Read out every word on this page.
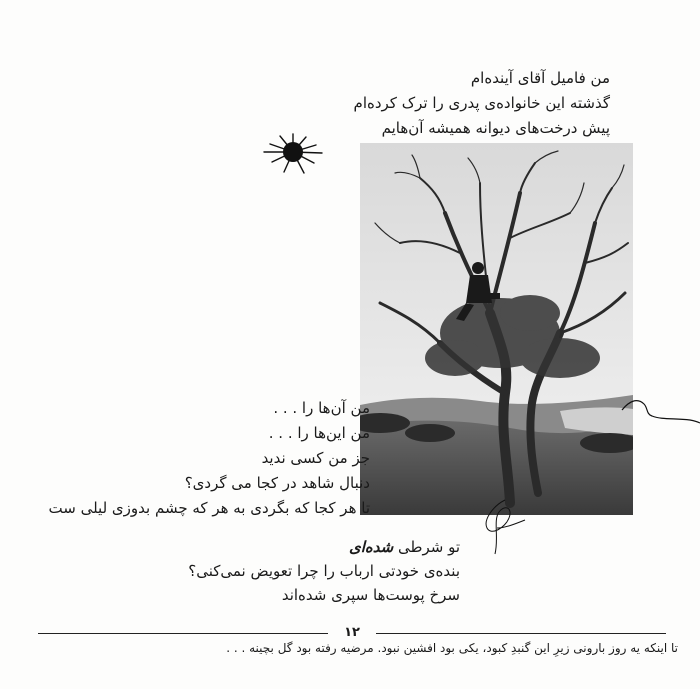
من فامیل آقای آینده‌ام
گذشته این خانواده‌ی پدری را ترک کرده‌ام
پیش درخت‌های دیوانه همیشه آن‌هایم
من آن‌ها را . . .
من این‌ها را . . .
جز من کسی ندید
دنبال شاهد در کجا می گردی؟
تا هر کجا که بگردی به هر که چشم بدوزی لیلی ست
تو شرطی شده‌ای
بنده‌ی خودتی ارباب را چرا تعویض نمی‌کنی؟
سرخ پوست‌ها سپری شده‌اند
۱۲
تا اینکه یه روز بارونی زیرِ این گنبدِ کبود، یکی بود افشین نبود. مرضیه رفته بود گل بچینه . . .
